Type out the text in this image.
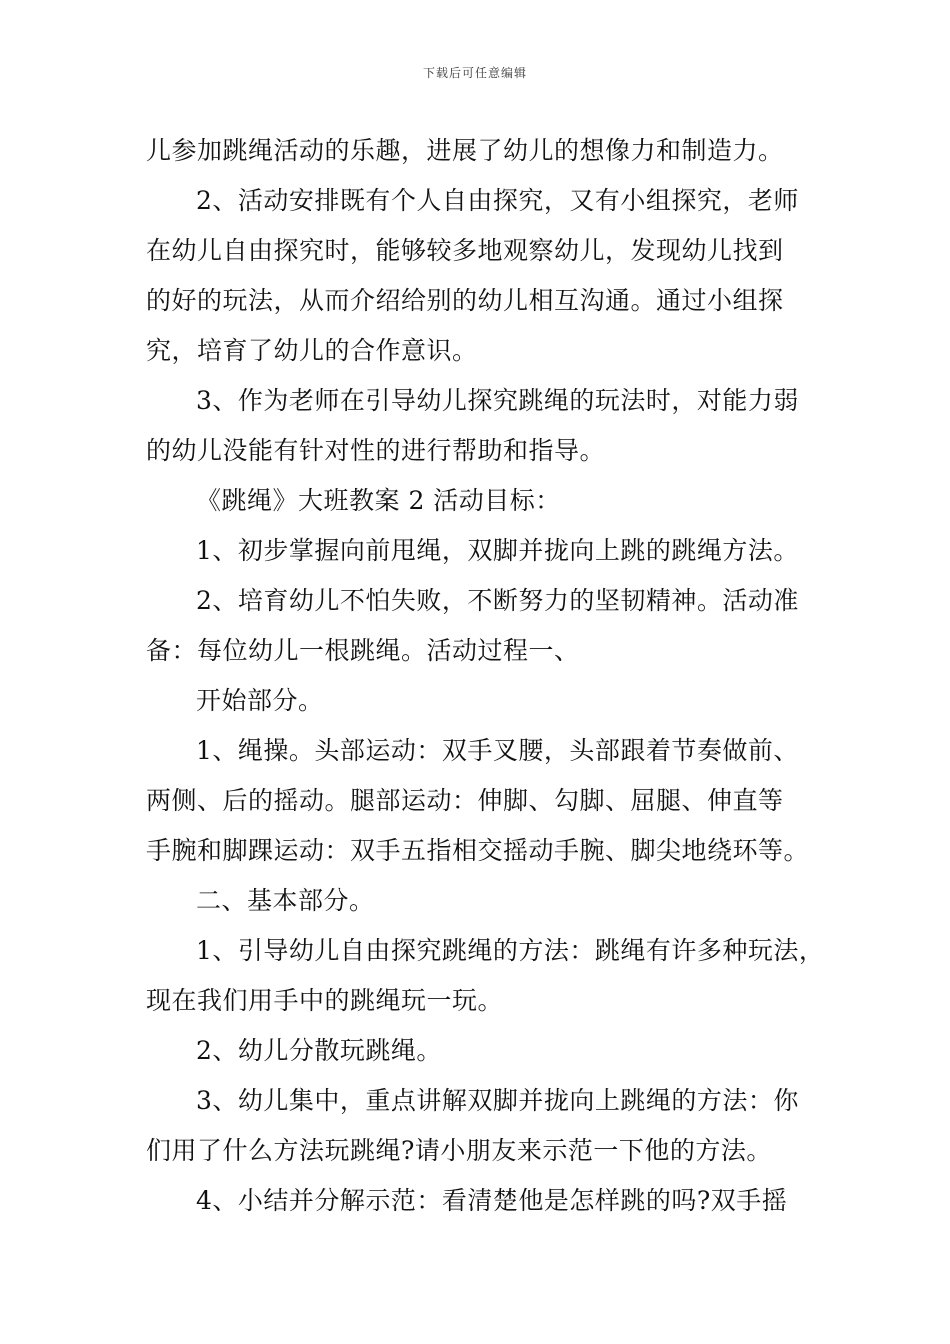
下载后可任意编辑
儿参加跳绳活动的乐趣，进展了幼儿的想像力和制造力。
2、活动安排既有个人自由探究，又有小组探究，老师
在幼儿自由探究时，能够较多地观察幼儿，发现幼儿找到
的好的玩法，从而介绍给别的幼儿相互沟通。通过小组探
究，培育了幼儿的合作意识。
3、作为老师在引导幼儿探究跳绳的玩法时，对能力弱
的幼儿没能有针对性的进行帮助和指导。
《跳绳》大班教案 2 活动目标：
1、初步掌握向前甩绳，双脚并拢向上跳的跳绳方法。
2、培育幼儿不怕失败，不断努力的坚韧精神。活动准
备：每位幼儿一根跳绳。活动过程一、
开始部分。
1、绳操。头部运动：双手叉腰，头部跟着节奏做前、
两侧、后的摇动。腿部运动：伸脚、勾脚、屈腿、伸直等
手腕和脚踝运动：双手五指相交摇动手腕、脚尖地绕环等。
二、基本部分。
1、引导幼儿自由探究跳绳的方法：跳绳有许多种玩法，
现在我们用手中的跳绳玩一玩。
2、幼儿分散玩跳绳。
3、幼儿集中，重点讲解双脚并拢向上跳绳的方法：你
们用了什么方法玩跳绳?请小朋友来示范一下他的方法。
4、小结并分解示范：看清楚他是怎样跳的吗?双手摇
